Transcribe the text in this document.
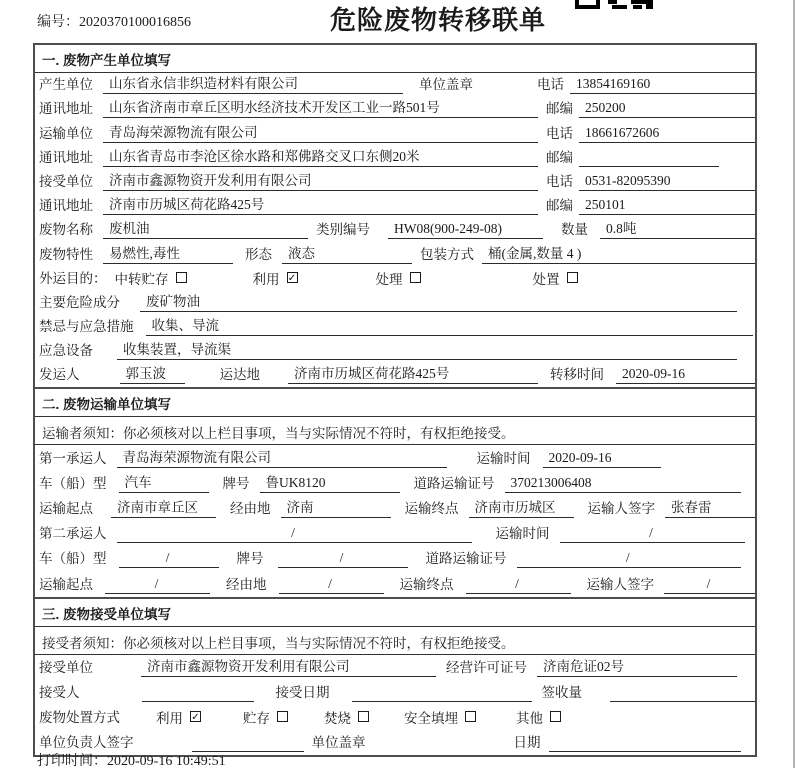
编号：2020370100016856	危险废物转移联单
一. 废物产生单位填写
产生单位	山东省永信非织造材料有限公司	单位盖章	电话 13854169160
通讯地址	山东省济南市章丘区明水经济技术开发区工业一路501号	邮编 250200
运输单位	青岛海荣源物流有限公司	电话 18661672606
通讯地址	山东省青岛市李沧区徐水路和郑佛路交叉口东侧20米	邮编
接受单位	济南市鑫源物资开发利用有限公司	电话 0531-82095390
通讯地址	济南市历城区荷花路425号	邮编 250101
废物名称	废机油	类别编号	HW08(900-249-08)	数量	0.8吨
废物特性	易燃性,毒性	形态	液态	包装方式	桶(金属,数量 4 )
外运目的： 中转贮存	利用 ✓	处理	处置
主要危险成分	废矿物油
禁忌与应急措施	收集、导流
应急设备	收集装置，导流渠
发运人	郭玉波	运达地	济南市历城区荷花路425号	转移时间	2020-09-16
二. 废物运输单位填写
运输者须知：你必须核对以上栏目事项，当与实际情况不符时，有权拒绝接受。
第一承运人	青岛海荣源物流有限公司	运输时间	2020-09-16
车（船）型	汽车	牌号	鲁UK8120	道路运输证号	370213006408
运输起点	济南市章丘区	经由地	济南	运输终点	济南市历城区	运输人签字	张春雷
第二承运人	/	运输时间	/
车（船）型	/	牌号	/	道路运输证号	/
运输起点	/	经由地	/	运输终点	/	运输人签字	/
三. 废物接受单位填写
接受者须知：你必须核对以上栏目事项，当与实际情况不符时，有权拒绝接受。
接受单位	济南市鑫源物资开发利用有限公司	经营许可证号	济南危证02号
接受人	接受日期	签收量
废物处置方式	利用 ✓	贮存	焚烧	安全填埋	其他
单位负责人签字	单位盖章	日期
打印时间：2020-09-16 10:49:51
